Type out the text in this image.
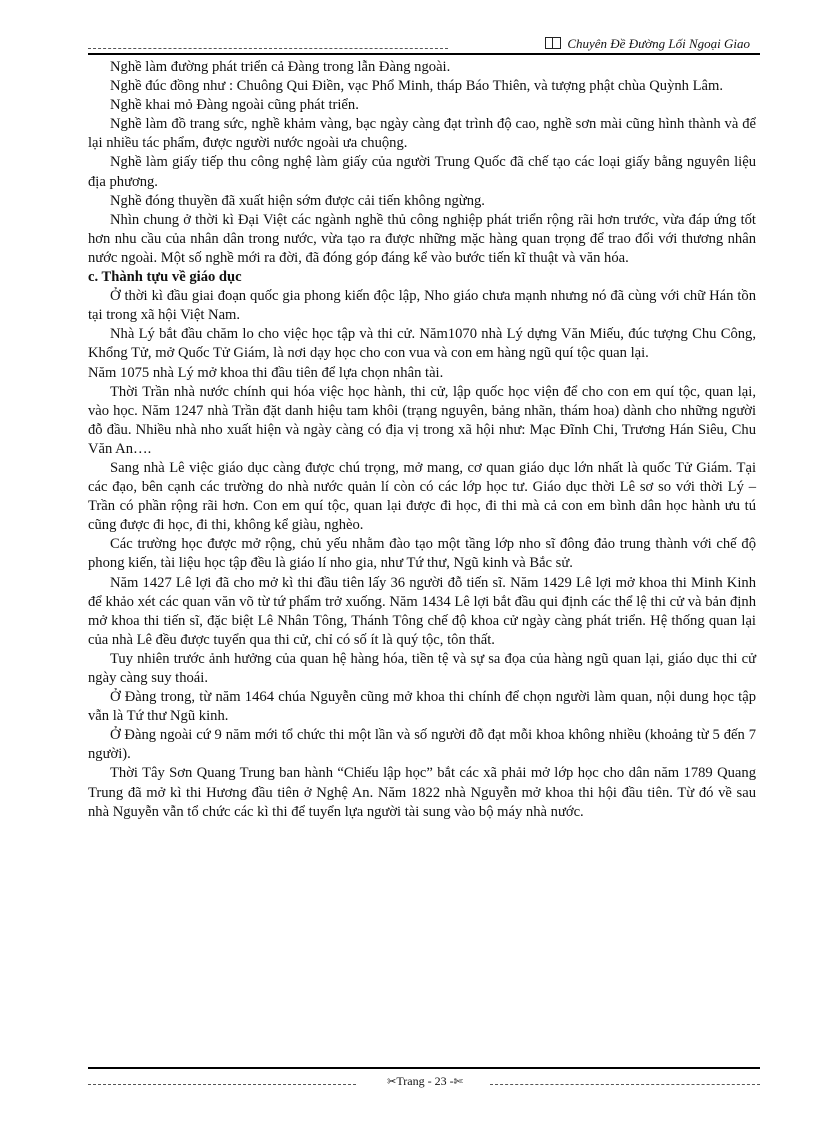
Chuyên Đề Đường Lối Ngoại Giao

Nghề làm đường phát triển cả Đàng trong lẫn Đàng ngoài.

Nghề đúc đồng như : Chuông Qui Điền, vạc Phổ Minh, tháp Báo Thiên, và tượng phật chùa Quỳnh Lâm.

Nghề khai mỏ Đàng ngoài cũng phát triển.

Nghề làm đồ trang sức, nghề khảm vàng, bạc ngày càng đạt trình độ cao, nghề sơn mài cũng hình thành và để lại nhiều tác phẩm, được người nước ngoài ưa chuộng.

Nghề làm giấy tiếp thu công nghệ làm giấy của người Trung Quốc đã chế tạo các loại giấy bằng nguyên liệu địa phương.

Nghề đóng thuyền đã xuất hiện sớm được cải tiến không ngừng.

Nhìn chung ở thời kì Đại Việt các ngành nghề thủ công nghiệp phát triển rộng rãi hơn trước, vừa đáp ứng tốt hơn nhu cầu của nhân dân trong nước, vừa tạo ra được những mặc hàng quan trọng để trao đổi với thương nhân nước ngoài. Một số nghề mới ra đời, đã đóng góp đáng kể vào bước tiến kĩ thuật và văn hóa.

c. Thành tựu về giáo dục

Ở thời kì đầu giai đoạn quốc gia phong kiến độc lập, Nho giáo chưa mạnh nhưng nó đã cùng với chữ Hán tồn tại trong xã hội Việt Nam.

Nhà Lý bắt đầu chăm lo cho việc học tập và thi cử. Năm1070 nhà Lý dựng Văn Miếu, đúc tượng Chu Công, Khổng Tử, mở Quốc Tử Giám, là nơi dạy học cho con vua và con em hàng ngũ quí tộc quan lại.

Năm 1075 nhà Lý mở khoa thi đầu tiên để lựa chọn nhân tài.

Thời Trần nhà nước chính qui hóa việc học hành, thi cử, lập quốc học viện để cho con em quí tộc, quan lại, vào học. Năm 1247 nhà Trần đặt danh hiệu tam khôi (trạng nguyên, bảng nhãn, thám hoa) dành cho những người đỗ đầu. Nhiều nhà nho xuất hiện và ngày càng có địa vị trong xã hội như: Mạc Đĩnh Chi, Trương Hán Siêu, Chu Văn An….

Sang nhà Lê việc giáo dục càng được chú trọng, mở mang, cơ quan giáo dục lớn nhất là quốc Tử Giám. Tại các đạo, bên cạnh các trường do nhà nước quản lí còn có các lớp học tư. Giáo dục thời Lê sơ so với thời Lý – Trần có phần rộng rãi hơn. Con em quí tộc, quan lại được đi học, đi thi mà cả con em bình dân học hành ưu tú cũng được đi học, đi thi, không kể giàu, nghèo.

Các trường học được mở rộng, chủ yếu nhằm đào tạo một tầng lớp nho sĩ đông đảo trung thành với chế độ phong kiến, tài liệu học tập đều là giáo lí nho gia, như Tứ thư, Ngũ kinh và Bắc sử.

Năm 1427 Lê lợi đã cho mở kì thi đầu tiên lấy 36 người đỗ tiến sĩ. Năm 1429 Lê lợi mở khoa thi Minh Kinh để khảo xét các quan văn võ từ tứ phẩm trở xuống. Năm 1434 Lê lợi bắt đầu qui định các thể lệ thi cử và bản định mở khoa thi tiến sĩ, đặc biệt Lê Nhân Tông, Thánh Tông chế độ khoa cử ngày càng phát triển. Hệ thống quan lại của nhà Lê đều được tuyển qua thi cử, chỉ có số ít là quý tộc, tôn thất.

Tuy nhiên trước ảnh hưởng của quan hệ hàng hóa, tiền tệ và sự sa đọa của hàng ngũ quan lại, giáo dục thi cử ngày càng suy thoái.

Ở Đàng trong, từ năm 1464 chúa Nguyễn cũng mở khoa thi chính để chọn người làm quan, nội dung học tập vẫn là Tứ thư Ngũ kinh.

Ở Đàng ngoài cứ 9 năm mới tổ chức thi một lần và số người đỗ đạt mỗi khoa không nhiều (khoảng từ 5 đến 7 người).

Thời Tây Sơn Quang Trung ban hành “Chiếu lập học” bắt các xã phải mở lớp học cho dân năm 1789 Quang Trung đã mở kì thi Hương đầu tiên ở Nghệ An. Năm 1822 nhà Nguyễn mở khoa thi hội đầu tiên. Từ đó về sau nhà Nguyễn vẫn tổ chức các kì thi để tuyển lựa người tài sung vào bộ máy nhà nước.

✂Trang - 23 -✄
